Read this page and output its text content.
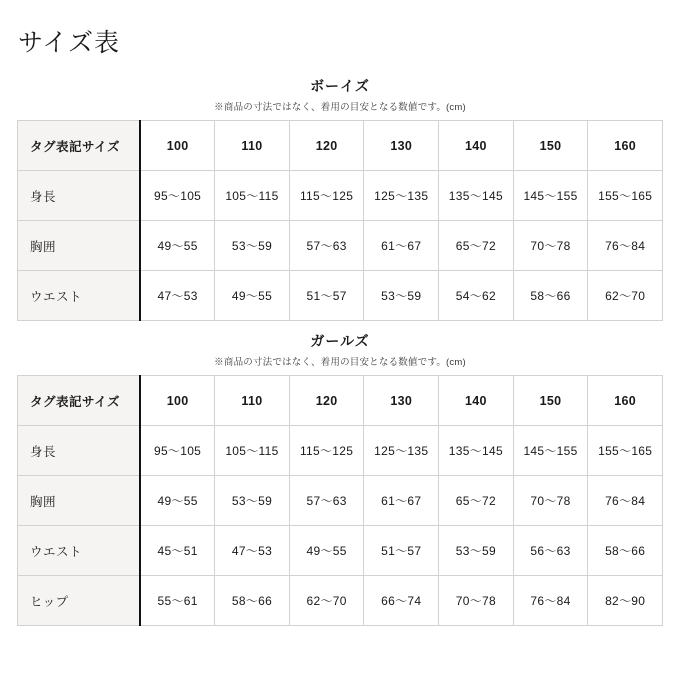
サイズ表
ボーイズ
※商品の寸法ではなく、着用の目安となる数値です。(cm)
タグ表記サイズ	100	110	120	130	140	150	160
身長	95〜105	105〜115	115〜125	125〜135	135〜145	145〜155	155〜165
胸囲	49〜55	53〜59	57〜63	61〜67	65〜72	70〜78	76〜84
ウエスト	47〜53	49〜55	51〜57	53〜59	54〜62	58〜66	62〜70
ガールズ
※商品の寸法ではなく、着用の目安となる数値です。(cm)
タグ表記サイズ	100	110	120	130	140	150	160
身長	95〜105	105〜115	115〜125	125〜135	135〜145	145〜155	155〜165
胸囲	49〜55	53〜59	57〜63	61〜67	65〜72	70〜78	76〜84
ウエスト	45〜51	47〜53	49〜55	51〜57	53〜59	56〜63	58〜66
ヒップ	55〜61	58〜66	62〜70	66〜74	70〜78	76〜84	82〜90
